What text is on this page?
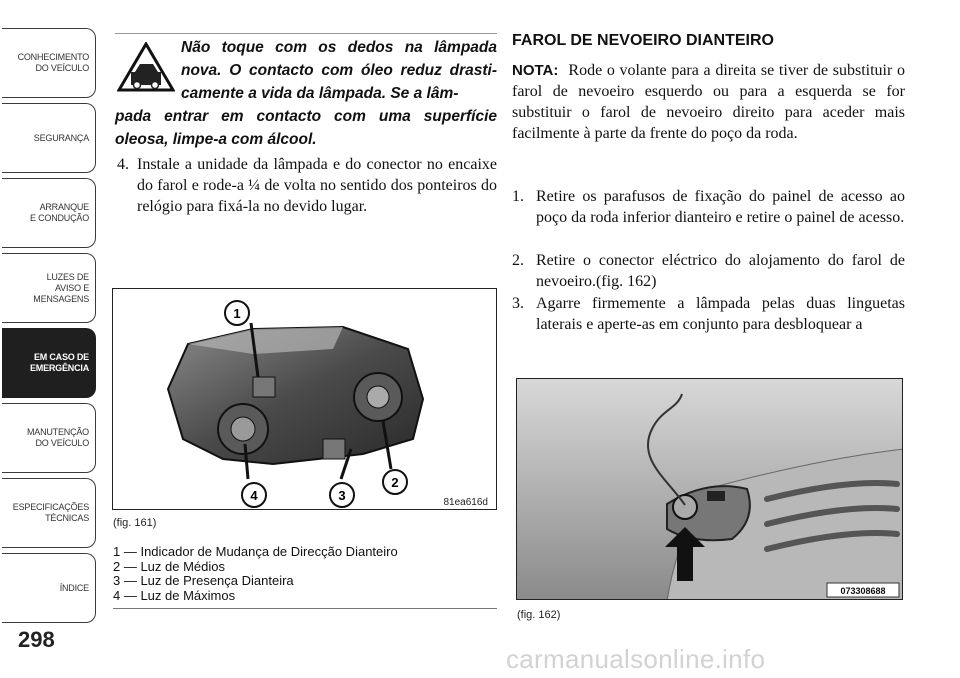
CONHECIMENTO
DO VEÍCULO
SEGURANÇA
ARRANQUE
E CONDUÇÃO
LUZES DE
AVISO E
MENSAGENS
EM CASO DE
EMERGÊNCIA
MANUTENÇÃO
DO VEÍCULO
ESPECIFICAÇÕES
TÉCNICAS
ÍNDICE
298

Não toque com os dedos na lâmpada nova. O contacto com óleo reduz drasti-camente a vida da lâmpada. Se a lâm-

pada entrar em contacto com uma superfície oleosa, limpe-a com álcool.

4. Instale a unidade da lâmpada e do conector no encaixe do farol e rode-a ¼ de volta no sentido dos ponteiros do relógio para fixá-la no devido lugar.
1
2
3
4	81ea616d
(fig. 161)
1 — Indicador de Mudança de Direcção Dianteiro
2 — Luz de Médios
3 — Luz de Presença Dianteira
4 — Luz de Máximos
FAROL DE NEVOEIRO DIANTEIRO
NOTA: Rode o volante para a direita se tiver de substituir o farol de nevoeiro esquerdo ou para a esquerda se for substituir o farol de nevoeiro direito para aceder mais facilmente à parte da frente do poço da roda.
1. Retire os parafusos de fixação do painel de acesso ao poço da roda inferior dianteiro e retire o painel de acesso.
2. Retire o conector eléctrico do alojamento do farol de nevoeiro.(fig. 162)
3. Agarre firmemente a lâmpada pelas duas linguetas laterais e aperte-as em conjunto para desbloquear a
073308688
(fig. 162)
carmanualsonline.info
